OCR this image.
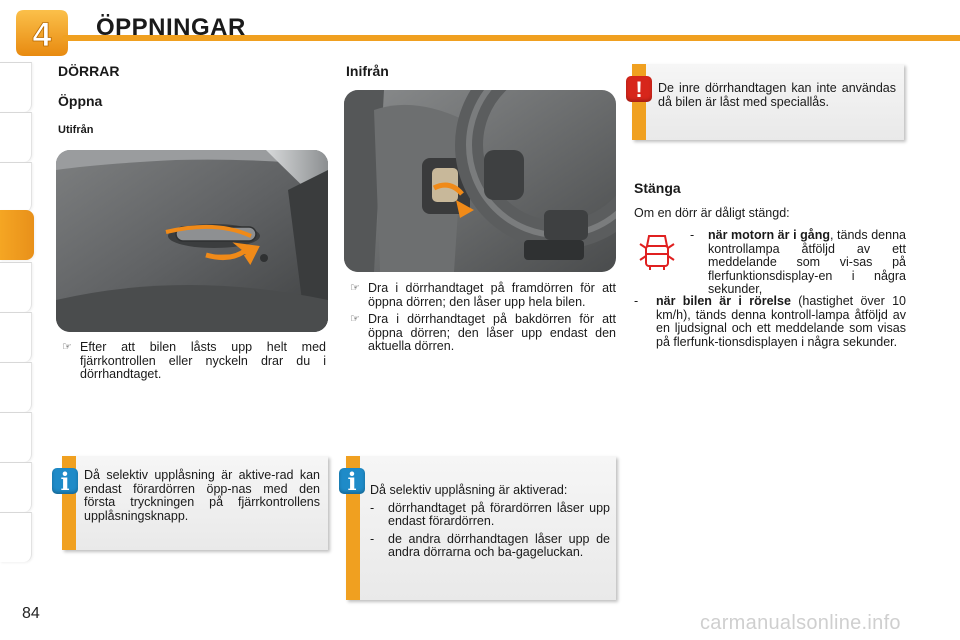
4 ÖPPNINGAR
DÖRRAR
Öppna
Utifrån
☞ Efter att bilen låsts upp helt med fjärrkontrollen eller nyckeln drar du i dörrhandtaget.
Då selektiv upplåsning är aktive-rad kan endast förardörren öpp-nas med den första tryckningen på fjärrkontrollens upplåsningsknapp.
i
Inifrån
☞ Dra i dörrhandtaget på framdörren för att öppna dörren; den låser upp hela bilen.
☞ Dra i dörrhandtaget på bakdörren för att öppna dörren; den låser upp endast den aktuella dörren.
Då selektiv upplåsning är aktiverad:
-	dörrhandtaget på förardörren låser upp endast förardörren.
-	de andra dörrhandtagen låser upp de andra dörrarna och ba-gageluckan.
i
De inre dörrhandtagen kan inte användas då bilen är låst med speciallås.
!
Stänga
Om en dörr är dåligt stängd:
-	när motorn är i gång, tänds denna kontrollampa åtföljd av ett meddelande som vi-sas på flerfunktionsdisplay-en i några sekunder,
-	när bilen är i rörelse (hastighet över 10 km/h), tänds denna kontroll-lampa åtföljd av en ljudsignal och ett meddelande som visas på flerfunk-tionsdisplayen i några sekunder.
84	carmanualsonline.info
